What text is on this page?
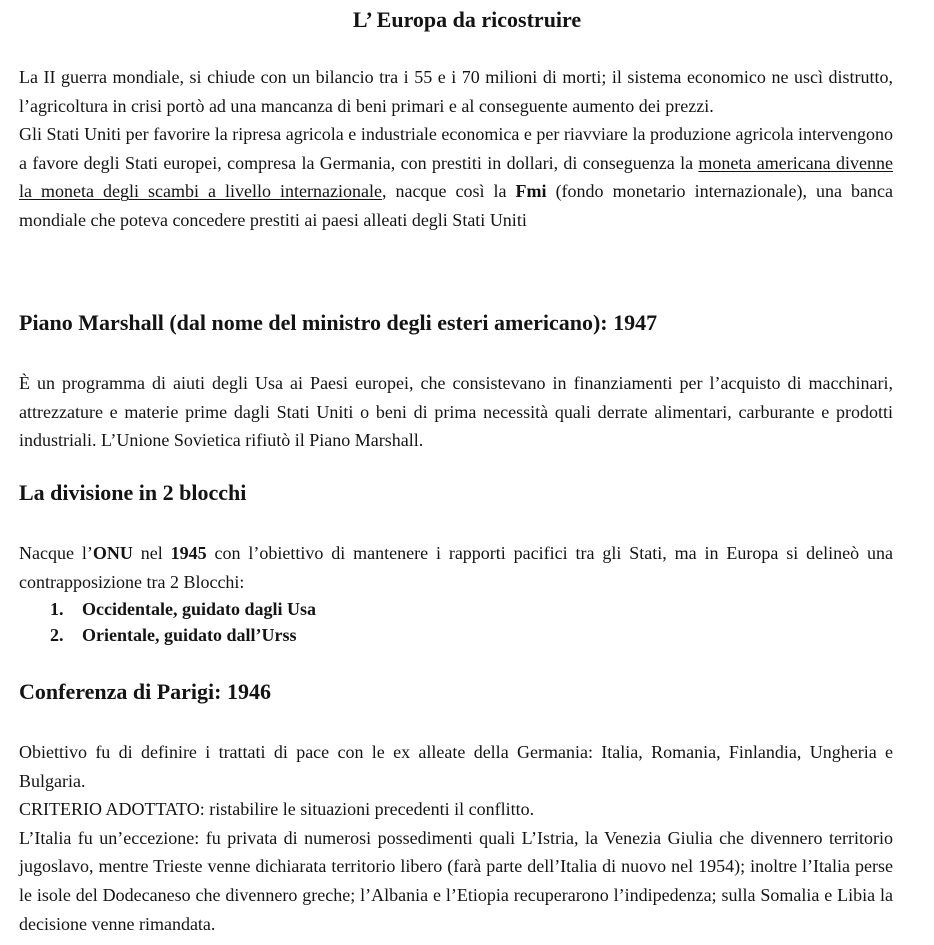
L’ Europa da ricostruire

La II guerra mondiale, si chiude con un bilancio tra i 55 e i 70 milioni di morti; il sistema economico ne uscì distrutto, l’agricoltura in crisi portò ad una mancanza di beni primari e al conseguente aumento dei prezzi.

Gli Stati Uniti per favorire la ripresa agricola e industriale economica e per riavviare la produzione agricola intervengono a favore degli Stati europei, compresa la Germania, con prestiti in dollari, di conseguenza la moneta americana divenne la moneta degli scambi a livello internazionale, nacque così la Fmi (fondo monetario internazionale), una banca mondiale che poteva concedere prestiti ai paesi alleati degli Stati Uniti

Piano Marshall (dal nome del ministro degli esteri americano): 1947

È un programma di aiuti degli Usa ai Paesi europei, che consistevano in finanziamenti per l’acquisto di macchinari, attrezzature e materie prime dagli Stati Uniti o beni di prima necessità quali derrate alimentari, carburante e prodotti industriali. L’Unione Sovietica rifiutò il Piano Marshall.

La divisione in 2 blocchi

Nacque l’ONU nel 1945 con l’obiettivo di mantenere i rapporti pacifici tra gli Stati, ma in Europa si delineò una contrapposizione tra 2 Blocchi:

1.	Occidentale, guidato dagli Usa
2.	Orientale, guidato dall’Urss
Conferenza di Parigi: 1946

Obiettivo fu di definire i trattati di pace con le ex alleate della Germania: Italia, Romania, Finlandia, Ungheria e Bulgaria.

CRITERIO ADOTTATO: ristabilire le situazioni precedenti il conflitto.

L’Italia fu un’eccezione: fu privata di numerosi possedimenti quali L’Istria, la Venezia Giulia che divennero territorio jugoslavo, mentre Trieste venne dichiarata territorio libero (farà parte dell’Italia di nuovo nel 1954); inoltre l’Italia perse le isole del Dodecaneso che divennero greche; l’Albania e l’Etiopia recuperarono l’indipedenza; sulla Somalia e Libia la decisione venne rimandata.
